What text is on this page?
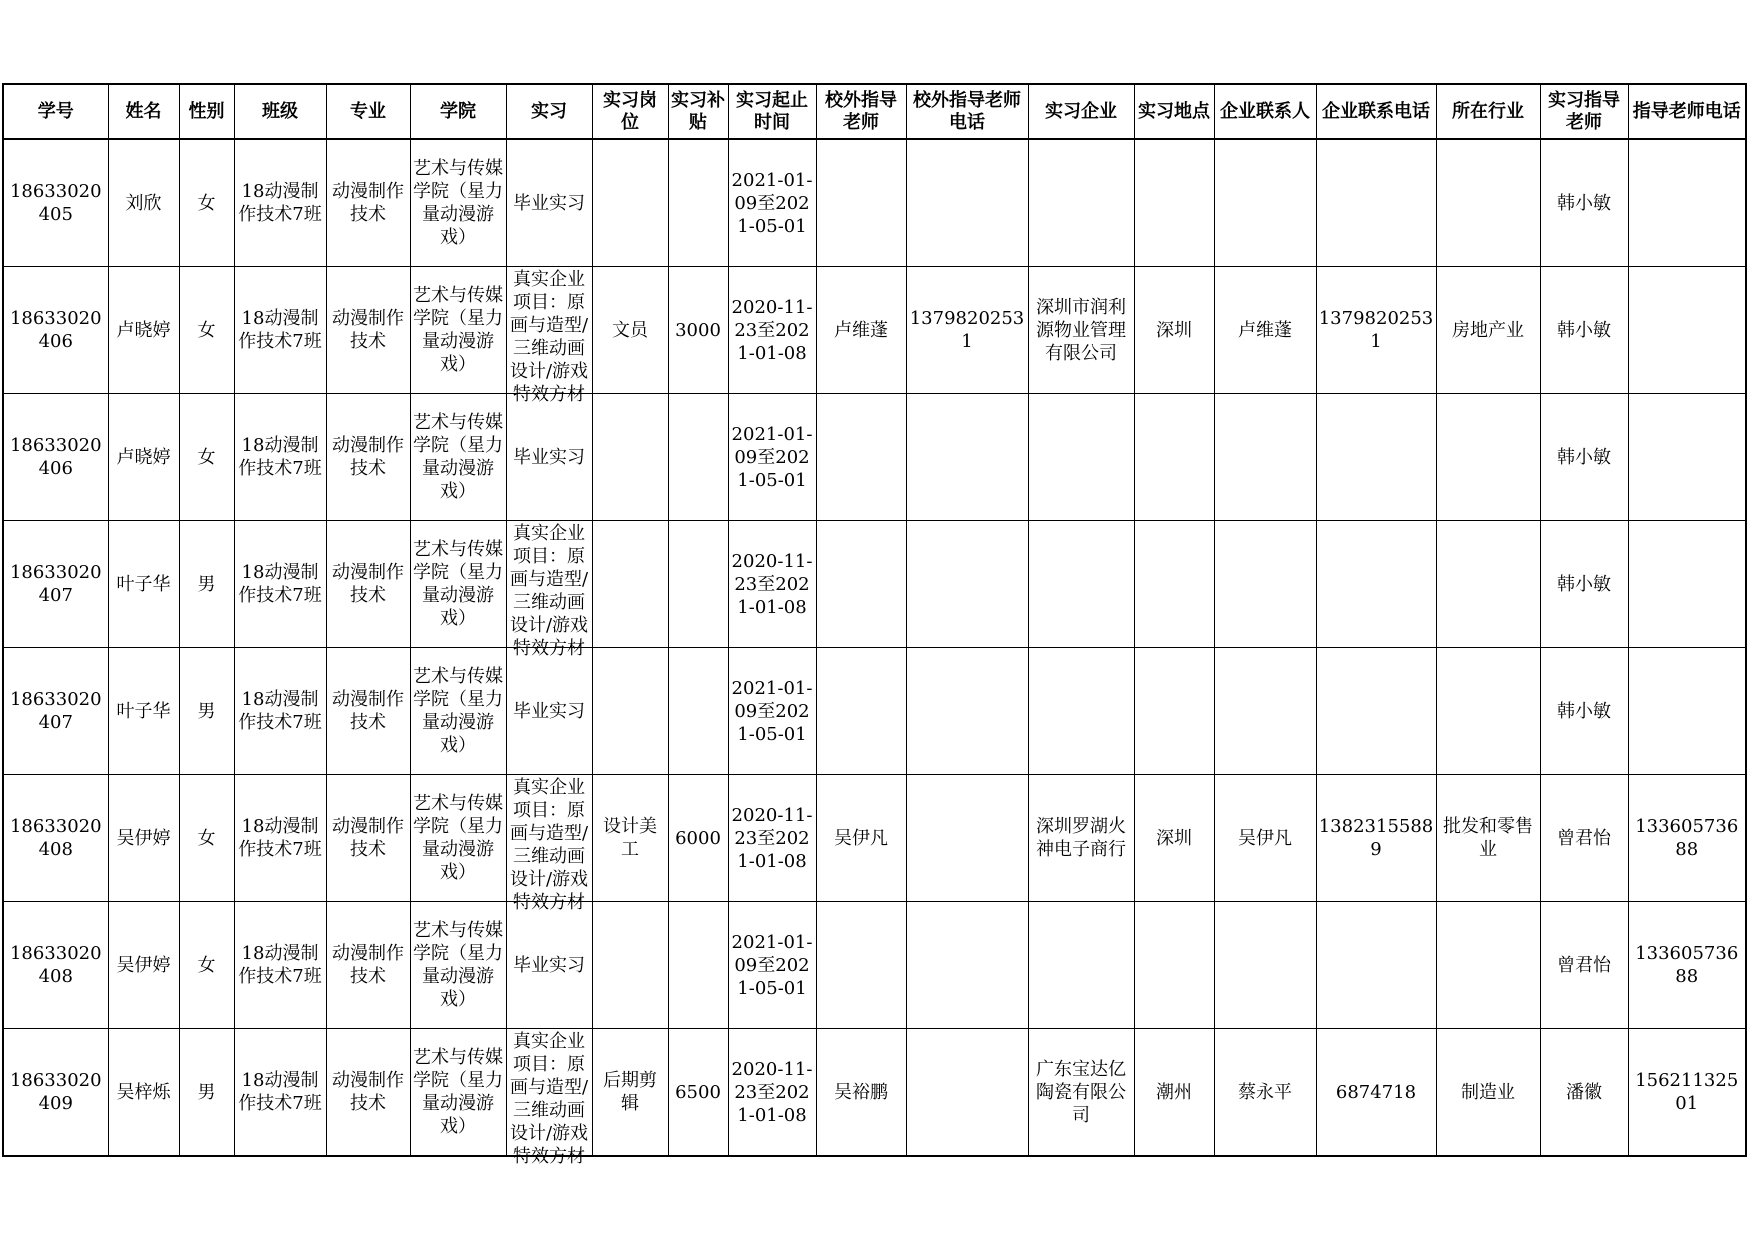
学号	姓名	性别	班级	专业	学院	实习	实习岗位	实习补贴	实习起止时间	校外指导老师	校外指导老师电话	实习企业	实习地点	企业联系人	企业联系电话	所在行业	实习指导老师	指导老师电话

18633020405	刘欣	女	18动漫制作技术7班	动漫制作技术	艺术与传媒学院（星力量动漫游戏）	毕业实习			2021-01-09至2021-05-01								韩小敏	

18633020406	卢晓婷	女	18动漫制作技术7班	动漫制作技术	艺术与传媒学院（星力量动漫游戏）	真实企业项目：原画与造型/三维动画设计/游戏特效方材	文员	3000	2020-11-23至2021-01-08	卢维蓬	13798202531	深圳市润利源物业管理有限公司	深圳	卢维蓬	13798202531	房地产业	韩小敏	

18633020406	卢晓婷	女	18动漫制作技术7班	动漫制作技术	艺术与传媒学院（星力量动漫游戏）	毕业实习			2021-01-09至2021-05-01								韩小敏	

18633020407	叶子华	男	18动漫制作技术7班	动漫制作技术	艺术与传媒学院（星力量动漫游戏）	真实企业项目：原画与造型/三维动画设计/游戏特效方材			2020-11-23至2021-01-08								韩小敏	

18633020407	叶子华	男	18动漫制作技术7班	动漫制作技术	艺术与传媒学院（星力量动漫游戏）	毕业实习			2021-01-09至2021-05-01								韩小敏	

18633020408	吴伊婷	女	18动漫制作技术7班	动漫制作技术	艺术与传媒学院（星力量动漫游戏）	真实企业项目：原画与造型/三维动画设计/游戏特效方材	设计美工	6000	2020-11-23至2021-01-08	吴伊凡		深圳罗湖火神电子商行	深圳	吴伊凡	13823155889	批发和零售业	曾君怡	13360573688

18633020408	吴伊婷	女	18动漫制作技术7班	动漫制作技术	艺术与传媒学院（星力量动漫游戏）	毕业实习			2021-01-09至2021-05-01								曾君怡	13360573688

18633020409	吴梓烁	男	18动漫制作技术7班	动漫制作技术	艺术与传媒学院（星力量动漫游戏）	真实企业项目：原画与造型/三维动画设计/游戏特效方材	后期剪辑	6500	2020-11-23至2021-01-08	吴裕鹏		广东宝达亿陶瓷有限公司	潮州	蔡永平	6874718	制造业	潘徽	15621132501
